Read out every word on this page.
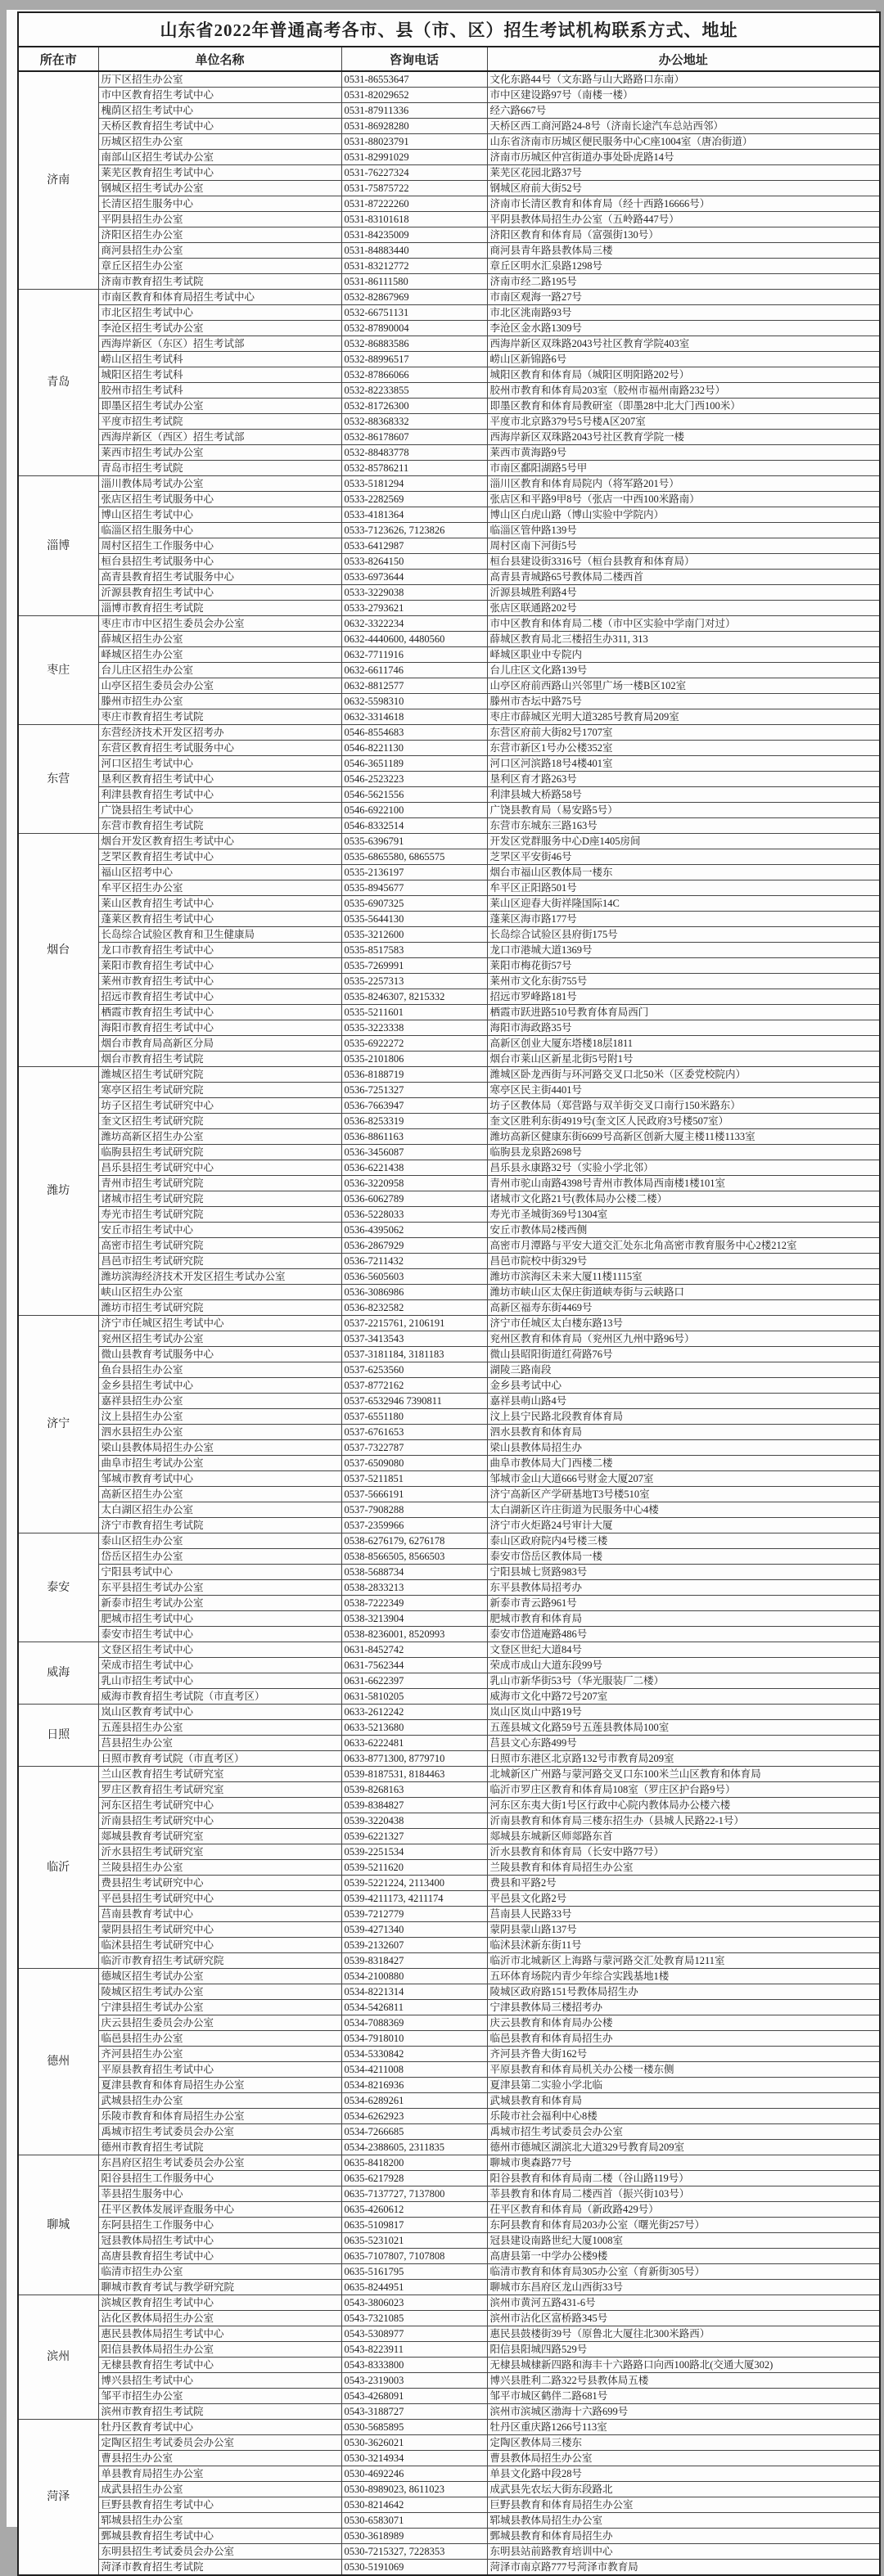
山东省2022年普通高考各市、县（市、区）招生考试机构联系方式、地址			
所在市	单位名称	咨询电话	办公地址
济南	历下区招生办公室	0531-86553647	文化东路44号（文东路与山大路路口东南）
	市中区教育招生考试中心	0531-82029652	市中区建设路97号（南楼一楼）
	槐荫区招生考试中心	0531-87911336	经六路667号
	天桥区教育招生考试中心	0531-86928280	天桥区西工商河路24-8号（济南长途汽车总站西邻）
	历城区招生办公室	0531-88023791	山东省济南市历城区便民服务中心C座1004室（唐冶街道）
	南部山区招生考试办公室	0531-82991029	济南市历城区仲宫街道办事处卧虎路14号
	莱芜区教育招生考试中心	0531-76227324	莱芜区花园北路37号
	钢城区招生考试办公室	0531-75875722	钢城区府前大街52号
	长清区招生服务中心	0531-87222260	济南市长清区教育和体育局（经十西路16666号）
	平阴县招生办公室	0531-83101618	平阴县教体局招生办公室（五岭路447号）
	济阳区招生办公室	0531-84235009	济阳区教育和体育局（富强街130号）
	商河县招生办公室	0531-84883440	商河县青年路县教体局三楼
	章丘区招生办公室	0531-83212772	章丘区明水汇泉路1298号
	济南市教育招生考试院	0531-86111580	济南市经二路195号
青岛	市南区教育和体育局招生考试中心	0532-82867969	市南区观海一路27号
	市北区招生考试中心	0532-66751131	市北区洮南路93号
	李沧区招生考试办公室	0532-87890004	李沧区金水路1309号
	西海岸新区（东区）招生考试部	0532-86883586	西海岸新区双珠路2043号社区教育学院403室
	崂山区招生考试科	0532-88996517	崂山区新锦路6号
	城阳区招生考试科	0532-87866066	城阳区教育和体育局（城阳区明阳路202号）
	胶州市招生考试科	0532-82233855	胶州市教育和体育局203室（胶州市福州南路232号）
	即墨区招生考试办公室	0532-81726300	即墨区教育和体育局教研室（即墨28中北大门西100米）
	平度市招生考试院	0532-88368332	平度市北京路379号5号楼A区207室
	西海岸新区（西区）招生考试部	0532-86178607	西海岸新区双珠路2043号社区教育学院一楼
	莱西市招生考试办公室	0532-88483778	莱西市黄海路9号
	青岛市招生考试院	0532-85786211	市南区鄱阳湖路5号甲
淄博	淄川教体局考试办公室	0533-5181294	淄川区教育和体育局院内（将军路201号）
	张店区招生考试服务中心	0533-2282569	张店区和平路9甲8号（张店一中西100米路南）
	博山区招生考试中心	0533-4181364	博山区白虎山路（博山实验中学院内）
	临淄区招生服务中心	0533-7123626, 7123826	临淄区管仲路139号
	周村区招生工作服务中心	0533-6412987	周村区南下河街5号
	桓台县招生考试服务中心	0533-8264150	桓台县建设街3316号（桓台县教育和体育局）
	高青县教育招生考试服务中心	0533-6973644	高青县青城路65号教体局二楼西首
	沂源县教育招生考试中心	0533-3229038	沂源县城胜利路4号
	淄博市教育招生考试院	0533-2793621	张店区联通路202号
枣庄	枣庄市市中区招生委员会办公室	0632-3322234	市中区教育和体育局二楼（市中区实验中学南门对过）
	薛城区招生办公室	0632-4440600, 4480560	薛城区教育局北三楼招生办311, 313
	峄城区招生办公室	0632-7711916	峄城区职业中专院内
	台儿庄区招生办公室	0632-6611746	台儿庄区文化路139号
	山亭区招生委员会办公室	0632-8812577	山亭区府前西路山兴邻里广场一楼B区102室
	滕州市招生办公室	0632-5598310	滕州市杏坛中路75号
	枣庄市教育招生考试院	0632-3314618	枣庄市薛城区光明大道3285号教育局209室
东营	东营经济技术开发区招考办	0546-8554683	东营区府前大街82号1707室
	东营区教育招生考试服务中心	0546-8221130	东营市新区1号办公楼352室
	河口区招生考试中心	0546-3651189	河口区河滨路18号4楼401室
	垦利区教育招生考试中心	0546-2523223	垦利区育才路263号
	利津县教育招生考试中心	0546-5621556	利津县城大桥路58号
	广饶县招生考试中心	0546-6922100	广饶县教育局（易安路5号）
	东营市教育招生考试院	0546-8332514	东营市东城东三路163号
烟台	烟台开发区教育招生考试中心	0535-6396791	开发区党群服务中心D座1405房间
	芝罘区教育招生考试中心	0535-6865580, 6865575	芝罘区平安街46号
	福山区招考中心	0535-2136197	烟台市福山区教体局一楼东
	牟平区招生办公室	0535-8945677	牟平区正阳路501号
	莱山区教育招生考试中心	0535-6907325	莱山区迎春大街祥隆国际14C
	蓬莱区教育招生考试中心	0535-5644130	蓬莱区海市路177号
	长岛综合试验区教育和卫生健康局	0535-3212600	长岛综合试验区县府街175号
	龙口市教育招生考试中心	0535-8517583	龙口市港城大道1369号
	莱阳市教育招生考试中心	0535-7269991	莱阳市梅花街57号
	莱州市教育招生考试中心	0535-2257313	莱州市文化东街755号
	招远市教育招生考试中心	0535-8246307, 8215332	招远市罗峰路181号
	栖霞市教育招生考试中心	0535-5211601	栖霞市跃进路510号教育体育局西门
	海阳市教育招生考试中心	0535-3223338	海阳市海政路35号
	烟台市教育局高新区分局	0535-6922272	高新区创业大厦东塔楼18层1811
	烟台市教育招生考试院	0535-2101806	烟台市莱山区新星北街5号附1号
潍坊	潍城区招生考试研究院	0536-8188719	潍城区卧龙西街与环河路交叉口北50米（区委党校院内）
	寒亭区招生考试研究院	0536-7251327	寒亭区民主街4401号
	坊子区招生考试研究中心	0536-7663947	坊子区教体局（郑营路与双羊街交叉口南行150米路东）
	奎文区招生考试研究院	0536-8253319	奎文区胜利东街4919号(奎文区人民政府3号楼507室）
	潍坊高新区招生办公室	0536-8861163	潍坊高新区健康东街6699号高新区创新大厦主楼11楼1133室
	临朐县招生考试研究院	0536-3456087	临朐县龙泉路2698号
	昌乐县招生考试研究中心	0536-6221438	昌乐县永康路32号（实验小学北邻）
	青州市招生考试研究院	0536-3220958	青州市驼山南路4398号青州市教体局西南楼1楼101室
	诸城市招生考试研究院	0536-6062789	诸城市文化路21号(教体局办公楼二楼）
	寿光市招生考试研究院	0536-5228033	寿光市圣城街369号1304室
	安丘市招生考试中心	0536-4395062	安丘市教体局2楼西侧
	高密市招生考试研究院	0536-2867929	高密市月潭路与平安大道交汇处东北角高密市教育服务中心2楼212室
	昌邑市招生考试研究院	0536-7211432	昌邑市院校中街329号
	潍坊滨海经济技术开发区招生考试办公室	0536-5605603	潍坊市滨海区未来大厦11楼1115室
	峡山区招生办公室	0536-3086986	潍坊市峡山区太保庄街道峡寿街与云峡路口
	潍坊市招生考试研究院	0536-8232582	高新区福寿东街4469号
济宁	济宁市任城区招生考试中心	0537-2215761, 2106191	济宁市任城区太白楼东路13号
	兖州区招生考试办公室	0537-3413543	兖州区教育和体育局（兖州区九州中路96号）
	微山县教育考试服务中心	0537-3181184, 3181183	微山县昭阳街道红荷路76号
	鱼台县招生办公室	0537-6253560	湖陵三路南段
	金乡县招生考试中心	0537-8772162	金乡县考试中心
	嘉祥县招生办公室	0537-6532946 7390811	嘉祥县萌山路4号
	汶上县招生办公室	0537-6551180	汶上县宁民路北段教育体育局
	泗水县招生办公室	0537-6761653	泗水县教育和体育局
	梁山县教体局招生办公室	0537-7322787	梁山县教体局招生办
	曲阜市招生考试办公室	0537-6509080	曲阜市教体局大门西楼二楼
	邹城市教育考试中心	0537-5211851	邹城市金山大道666号财金大厦207室
	高新区招生办公室	0537-5666191	济宁高新区产学研基地T3号楼510室
	太白湖区招生办公室	0537-7908288	太白湖新区许庄街道为民服务中心4楼
	济宁市教育招生考试院	0537-2359966	济宁市火炬路24号审计大厦
泰安	泰山区招生办公室	0538-6276179, 6276178	泰山区政府院内4号楼三楼
	岱岳区招生办公室	0538-8566505, 8566503	泰安市岱岳区教体局一楼
	宁阳县考试中心	0538-5688734	宁阳县城七贤路983号
	东平县招生考试办公室	0538-2833213	东平县教体局招考办
	新泰市招生考试办公室	0538-7222349	新泰市青云路961号
	肥城市招生考试中心	0538-3213904	肥城市教育和体育局
	泰安市招生考试中心	0538-8236001, 8520993	泰安市岱道庵路486号
威海	文登区招生考试中心	0631-8452742	文登区世纪大道84号
	荣成市招生考试中心	0631-7562344	荣成市成山大道东段99号
	乳山市招生考试中心	0631-6622397	乳山市新华街53号（华光服装厂二楼）
	威海市教育招生考试院（市直考区）	0631-5810205	威海市文化中路72号207室
日照	岚山区教育考试中心	0633-2612242	岚山区岚山中路19号
	五莲县招生办公室	0633-5213680	五莲县城文化路59号五莲县教体局100室
	莒县招生办公室	0633-6222481	莒县文心东路499号
	日照市教育考试院（市直考区）	0633-8771300, 8779710	日照市东港区北京路132号市教育局209室
临沂	兰山区教育招生考试研究室	0539-8187531, 8184463	北城新区广州路与蒙河路交叉口东100米兰山区教育和体育局
	罗庄区教育招生考试研究室	0539-8268163	临沂市罗庄区教育和体育局108室（罗庄区护台路9号）
	河东区招生考试研究中心	0539-8384827	河东区东夷大街1号区行政中心院内教体局办公楼六楼
	沂南县招生考试研究中心	0539-3220438	沂南县教育和体育局三楼东招生办（县城人民路22-1号）
	郯城县教育考试研究室	0539-6221327	郯城县东城新区师郯路东首
	沂水县招生考试研究室	0539-2251534	沂水县教育和体育局（长安中路77号）
	兰陵县招生办公室	0539-5211620	兰陵县教育和体育局招生办公室
	费县招生考试研究中心	0539-5221224, 2113400	费县和平路2号
	平邑县招生考试研究中心	0539-4211173, 4211174	平邑县文化路2号
	莒南县教育考试中心	0539-7212779	莒南县人民路33号
	蒙阴县招生考试研究中心	0539-4271340	蒙阴县蒙山路137号
	临沭县招生考试研究中心	0539-2132607	临沭县沭新东街11号
	临沂市教育招生考试研究院	0539-8318427	临沂市北城新区上海路与蒙河路交汇处教育局1211室
德州	德城区招生考试办公室	0534-2100880	五环体育场院内青少年综合实践基地1楼
	陵城区招生考试办公室	0534-8221314	陵城区政府路151号教体局招生办
	宁津县招生考试办公室	0534-5426811	宁津县教体局三楼招考办
	庆云县招生委员会办公室	0534-7088369	庆云县教育和体育局办公楼
	临邑县招生办公室	0534-7918010	临邑县教育和体育局招生办
	齐河县招生办公室	0534-5330842	齐河县齐鲁大街162号
	平原县教育招生考试中心	0534-4211008	平原县教育和体育局机关办公楼一楼东侧
	夏津县教育和体育局招生办公室	0534-8216936	夏津县第二实验小学北临
	武城县招生办公室	0534-6289261	武城县教育和体育局
	乐陵市教育和体育局招生办公室	0534-6262923	乐陵市社会福利中心8楼
	禹城市招生考试委员会办公室	0534-7266685	禹城市招生考试委员会办公室
	德州市教育招生考试院	0534-2388605, 2311835	德州市德城区湖滨北大道329号教育局209室
聊城	东昌府区招生考试委员会办公室	0635-8418200	聊城市奥森路77号
	阳谷县招生工作服务中心	0635-6217928	阳谷县教育和体育局南二楼（谷山路119号）
	莘县招生服务中心	0635-7137727, 7137800	莘县教育和体育局二楼西首（振兴街103号）
	茌平区教体发展评查服务中心	0635-4260612	茌平区教育和体育局（新政路429号）
	东阿县招生工作服务中心	0635-5109817	东阿县教育和体育局203办公室（曙光街257号）
	冠县教体局招生考试中心	0635-5231021	冠县建设南路世纪大厦1008室
	高唐县教育招生考试中心	0635-7107807, 7107808	高唐县第一中学办公楼9楼
	临清市招生办公室	0635-5161795	临清市教育和体育局305办公室（育新街305号）
	聊城市教育考试与教学研究院	0635-8244951	聊城市东昌府区龙山西街33号
滨州	滨城区教育招生考试中心	0543-3806023	滨州市黄河五路431-6号
	沾化区教体局招生办公室	0543-7321085	滨州市沾化区富桥路345号
	惠民县教体局招生考试中心	0543-5308977	惠民县鼓楼街39号（原鲁北大厦往北300米路西）
	阳信县教体局招生办公室	0543-8223911	阳信县阳城四路529号
	无棣县教育招生考试中心	0543-8333800	无棣县城棣新四路和海丰十六路路口向西100路北(交通大厦302)
	博兴县招生考试中心	0543-2319003	博兴县胜利二路322号县教体局五楼
	邹平市招生办公室	0543-4268091	邹平市城区鹤伴二路681号
	滨州市教育招生考试院	0543-3188727	滨州市滨城区渤海十六路699号
菏泽	牡丹区教育考试中心	0530-5685895	牡丹区重庆路1266号113室
	定陶区招生考试委员会办公室	0530-3626021	定陶区教体局三楼东
	曹县招生办公室	0530-3214934	曹县教体局招生办公室
	单县教育局招生办公室	0530-4692246	单县文化路中段28号
	成武县招生办公室	0530-8989023, 8611023	成武县先农坛大街东段路北
	巨野县教育招生考试中心	0530-8214642	巨野县教育和体育局招生办公室
	郓城县招生办公室	0530-6583071	郓城县教体局招生办公室
	鄄城县教育招生考试中心	0530-3618989	鄄城县教育和体育局招生办
	东明县招生考试委员会办公室	0530-7215327, 7228353	东明县站前路教育培训中心
	菏泽市教育招生考试院	0530-5191069	菏泽市南京路777号菏泽市教育局
